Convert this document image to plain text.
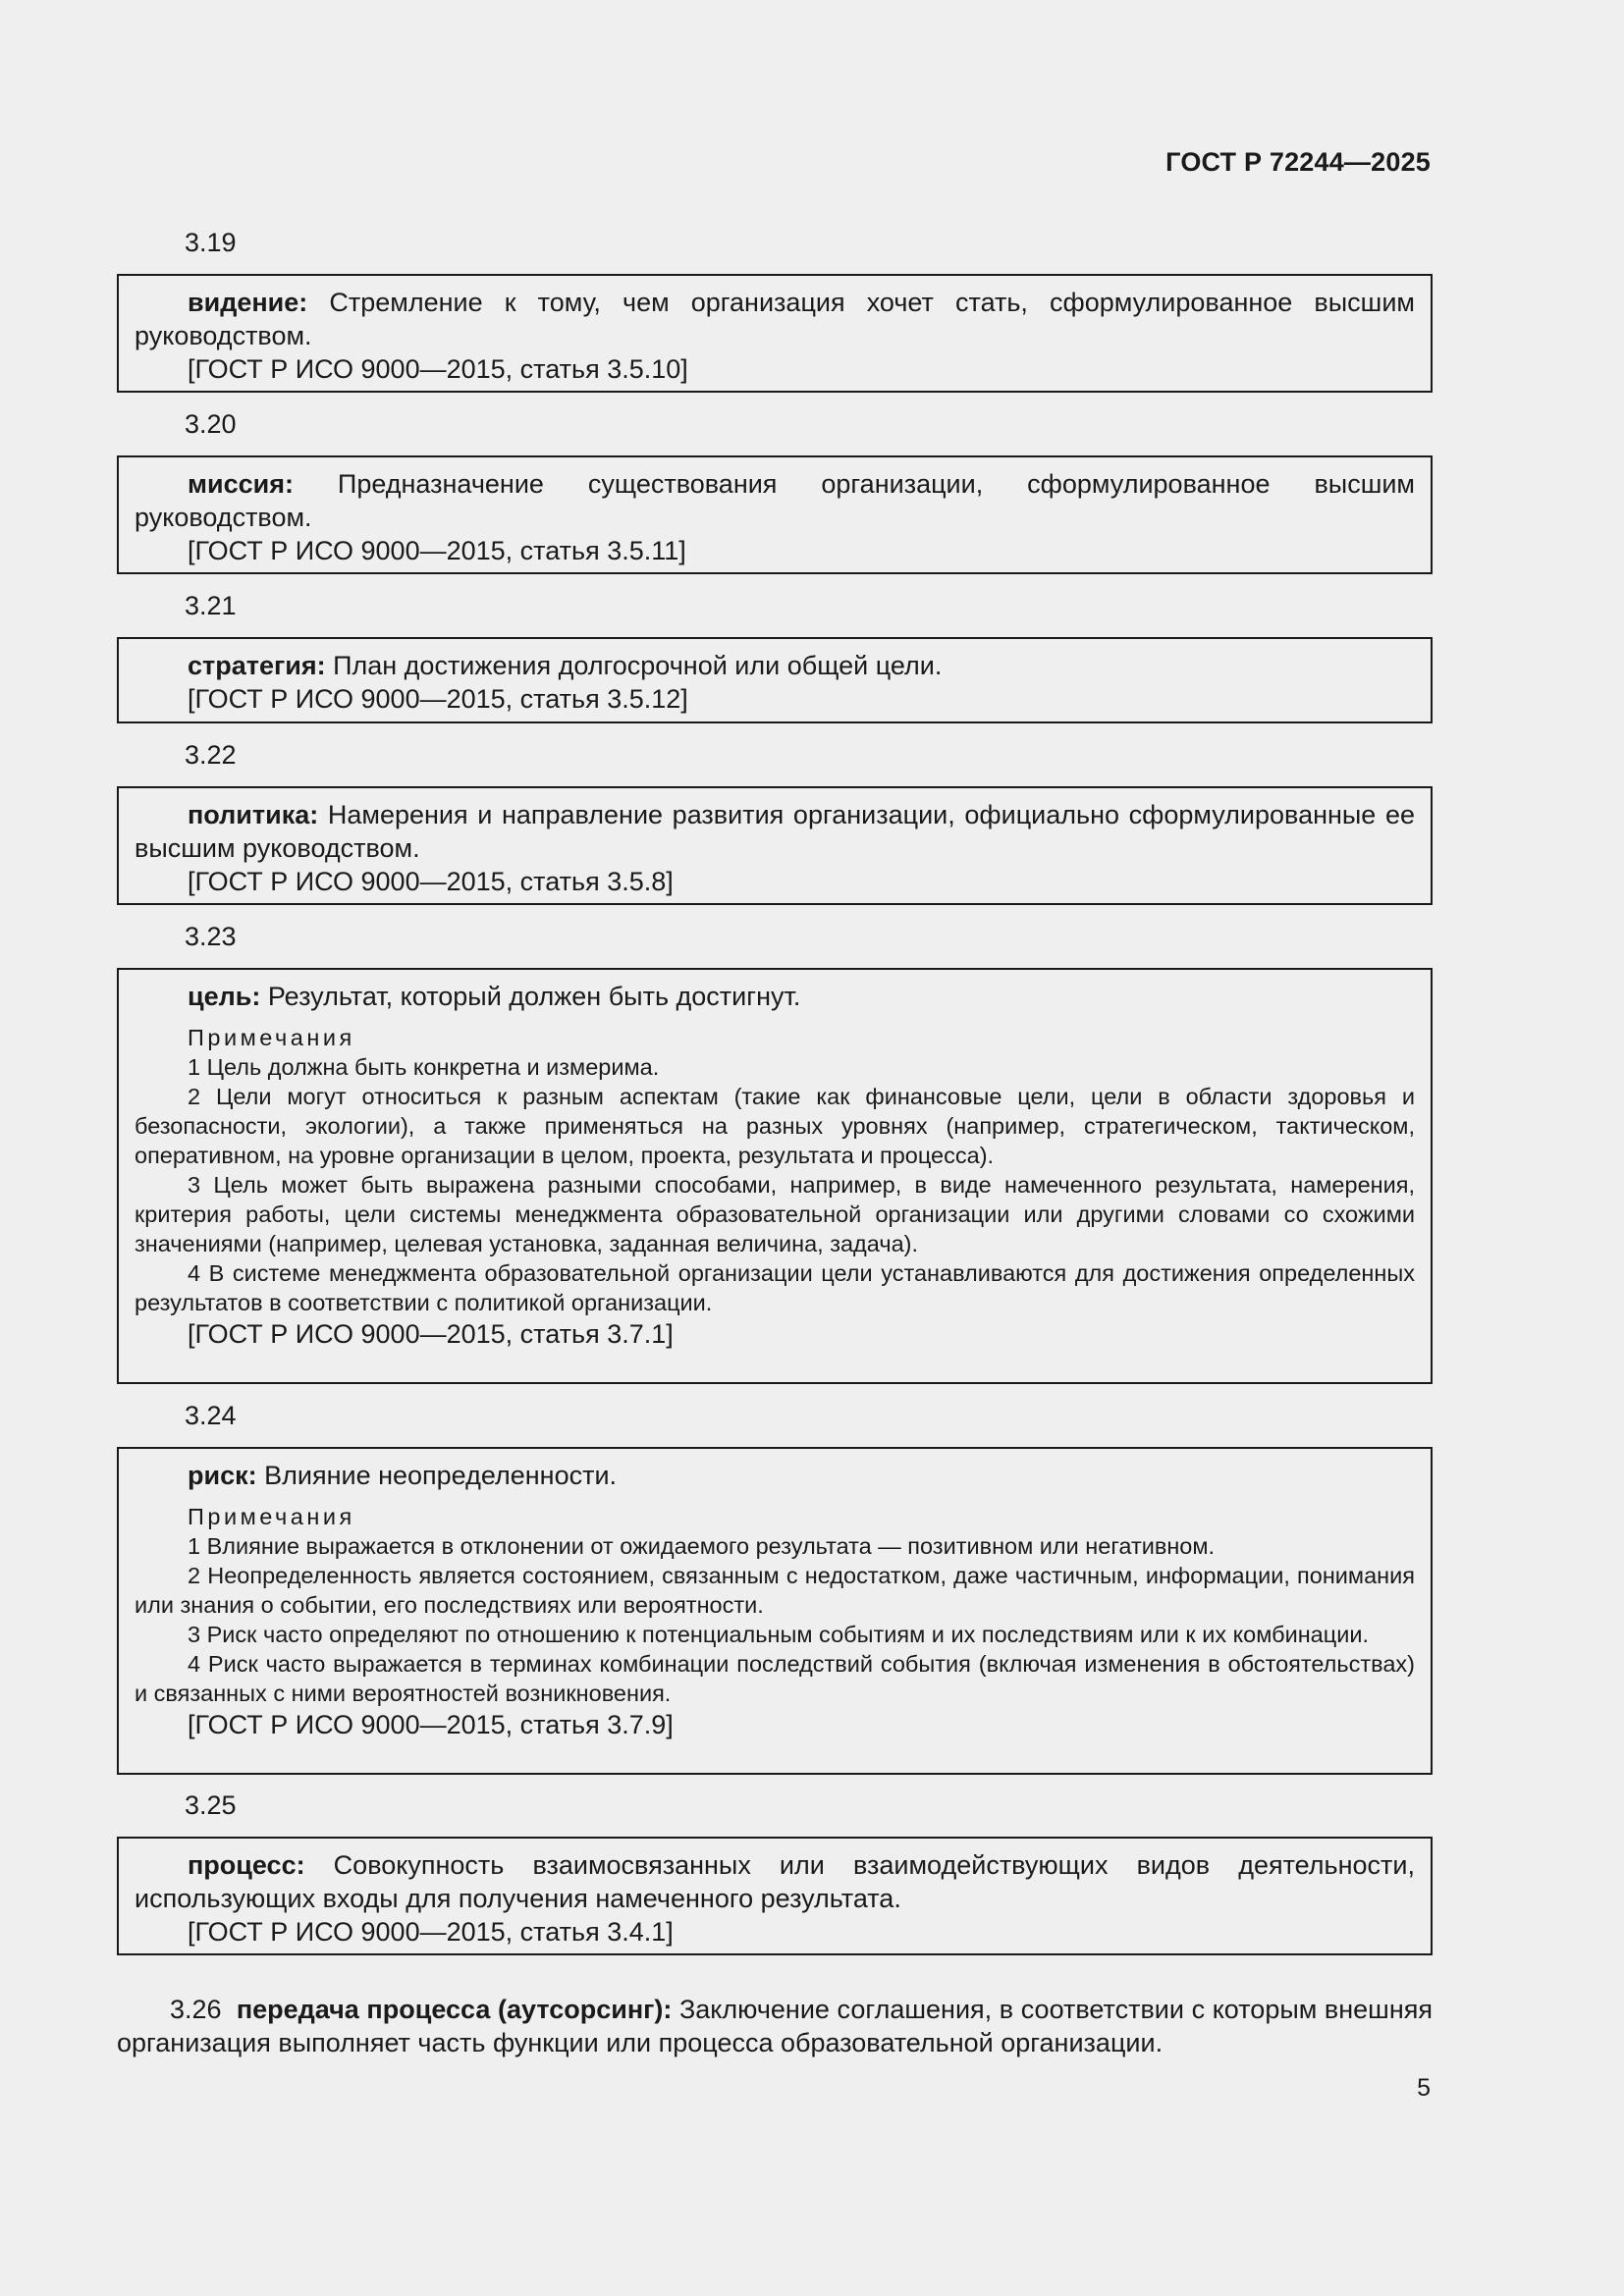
ГОСТ Р 72244—2025
3.19

видение: Стремление к тому, чем организация хочет стать, сформулированное высшим руководством.

[ГОСТ Р ИСО 9000—2015, статья 3.5.10]

3.20

миссия: Предназначение существования организации, сформулированное высшим руководством.

[ГОСТ Р ИСО 9000—2015, статья 3.5.11]

3.21

стратегия: План достижения долгосрочной или общей цели.

[ГОСТ Р ИСО 9000—2015, статья 3.5.12]

3.22

политика: Намерения и направление развития организации, официально сформулированные ее высшим руководством.

[ГОСТ Р ИСО 9000—2015, статья 3.5.8]

3.23

цель: Результат, который должен быть достигнут.

Примечания
1 Цель должна быть конкретна и измерима.
2 Цели могут относиться к разным аспектам (такие как финансовые цели, цели в области здоровья и безопасности, экологии), а также применяться на разных уровнях (например, стратегическом, тактическом, оперативном, на уровне организации в целом, проекта, результата и процесса).
3 Цель может быть выражена разными способами, например, в виде намеченного результата, намерения, критерия работы, цели системы менеджмента образовательной организации или другими словами со схожими значениями (например, целевая установка, заданная величина, задача).
4 В системе менеджмента образовательной организации цели устанавливаются для достижения определенных результатов в соответствии с политикой организации.

[ГОСТ Р ИСО 9000—2015, статья 3.7.1]

3.24

риск: Влияние неопределенности.

Примечания
1 Влияние выражается в отклонении от ожидаемого результата — позитивном или негативном.
2 Неопределенность является состоянием, связанным с недостатком, даже частичным, информации, понимания или знания о событии, его последствиях или вероятности.
3 Риск часто определяют по отношению к потенциальным событиям и их последствиям или к их комбинации.
4 Риск часто выражается в терминах комбинации последствий события (включая изменения в обстоятельствах) и связанных с ними вероятностей возникновения.

[ГОСТ Р ИСО 9000—2015, статья 3.7.9]

3.25

процесс: Совокупность взаимосвязанных или взаимодействующих видов деятельности, использующих входы для получения намеченного результата.

[ГОСТ Р ИСО 9000—2015, статья 3.4.1]

3.26 передача процесса (аутсорсинг): Заключение соглашения, в соответствии с которым внешняя организация выполняет часть функции или процесса образовательной организации.

5
